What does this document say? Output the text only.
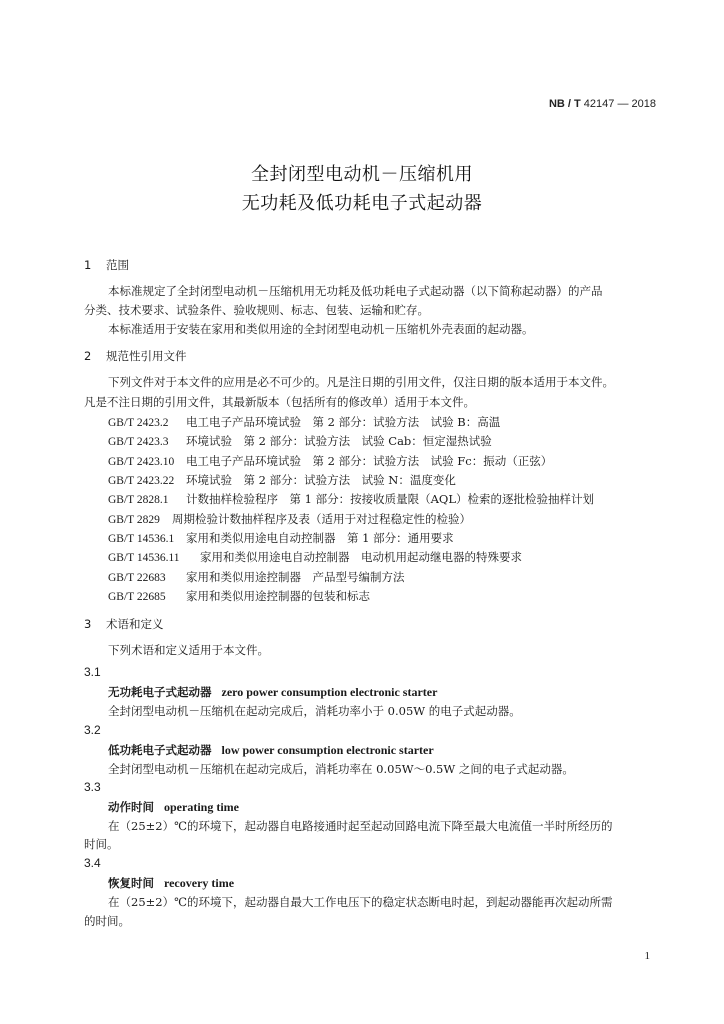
NB / T 42147 — 2018
全封闭型电动机－压缩机用
无功耗及低功耗电子式起动器
1 范围
本标准规定了全封闭型电动机－压缩机用无功耗及低功耗电子式起动器（以下简称起动器）的产品
分类、技术要求、试验条件、验收规则、标志、包装、运输和贮存。
本标准适用于安装在家用和类似用途的全封闭型电动机－压缩机外壳表面的起动器。
2 规范性引用文件
下列文件对于本文件的应用是必不可少的。凡是注日期的引用文件，仅注日期的版本适用于本文件。
凡是不注日期的引用文件，其最新版本（包括所有的修改单）适用于本文件。
GB/T 2423.2 电工电子产品环境试验　第 2 部分：试验方法　试验 B：高温
GB/T 2423.3 环境试验　第 2 部分：试验方法　试验 Cab：恒定湿热试验
GB/T 2423.10 电工电子产品环境试验　第 2 部分：试验方法　试验 Fc：振动（正弦）
GB/T 2423.22 环境试验　第 2 部分：试验方法　试验 N：温度变化
GB/T 2828.1 计数抽样检验程序　第 1 部分：按接收质量限（AQL）检索的逐批检验抽样计划
GB/T 2829 周期检验计数抽样程序及表（适用于对过程稳定性的检验）
GB/T 14536.1 家用和类似用途电自动控制器　第 1 部分：通用要求
GB/T 14536.11 家用和类似用途电自动控制器　电动机用起动继电器的特殊要求
GB/T 22683 家用和类似用途控制器　产品型号编制方法
GB/T 22685 家用和类似用途控制器的包装和标志
3 术语和定义
下列术语和定义适用于本文件。
3.1
无功耗电子式起动器 zero power consumption electronic starter
全封闭型电动机－压缩机在起动完成后，消耗功率小于 0.05W 的电子式起动器。
3.2
低功耗电子式起动器 low power consumption electronic starter
全封闭型电动机－压缩机在起动完成后，消耗功率在 0.05W～0.5W 之间的电子式起动器。
3.3
动作时间 operating time
在（25±2）℃的环境下，起动器自电路接通时起至起动回路电流下降至最大电流值一半时所经历的
时间。
3.4
恢复时间 recovery time
在（25±2）℃的环境下，起动器自最大工作电压下的稳定状态断电时起，到起动器能再次起动所需
的时间。
1
